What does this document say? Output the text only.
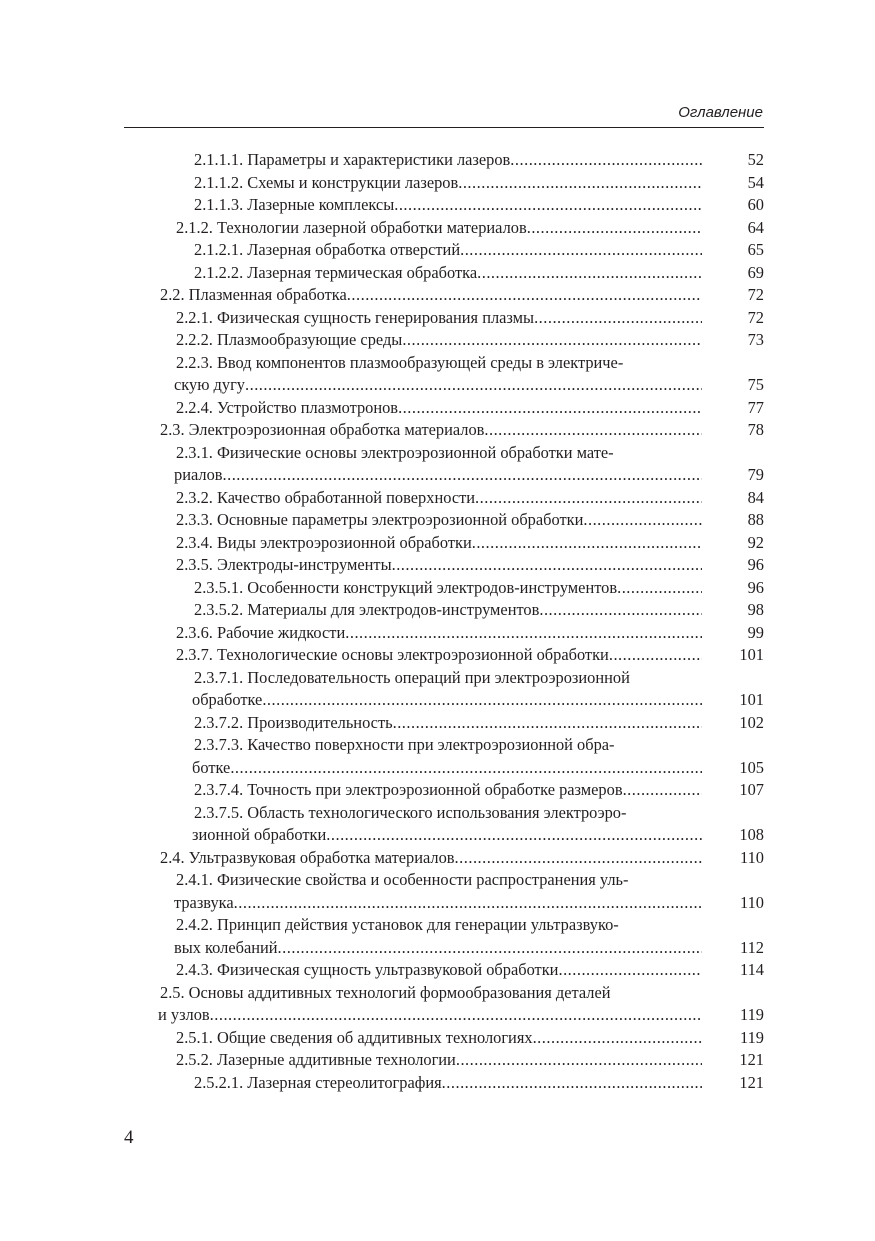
Оглавление
2.1.1.1. Параметры и характеристики лазеров .....	52
2.1.1.2. Схемы и конструкции лазеров .....	54
2.1.1.3. Лазерные комплексы .....	60
2.1.2. Технологии лазерной обработки материалов .....	64
2.1.2.1. Лазерная обработка отверстий .....	65
2.1.2.2. Лазерная термическая обработка .....	69
2.2. Плазменная обработка .....	72
2.2.1. Физическая сущность генерирования плазмы .....	72
2.2.2. Плазмообразующие среды .....	73
2.2.3. Ввод компонентов плазмообразующей среды в электриче-
скую дугу .....	75
2.2.4. Устройство плазмотронов .....	77
2.3. Электроэрозионная обработка материалов .....	78
2.3.1. Физические основы электроэрозионной обработки мате-
риалов .....	79
2.3.2. Качество обработанной поверхности .....	84
2.3.3. Основные параметры электроэрозионной обработки .....	88
2.3.4. Виды электроэрозионной обработки .....	92
2.3.5. Электроды-инструменты .....	96
2.3.5.1. Особенности конструкций электродов-инструментов .....	96
2.3.5.2. Материалы для электродов-инструментов .....	98
2.3.6. Рабочие жидкости .....	99
2.3.7. Технологические основы электроэрозионной обработки .....	101
2.3.7.1. Последовательность операций при электроэрозионной
обработке .....	101
2.3.7.2. Производительность .....	102
2.3.7.3. Качество поверхности при электроэрозионной обра-
ботке .....	105
2.3.7.4. Точность при электроэрозионной обработке размеров .....	107
2.3.7.5. Область технологического использования электроэро-
зионной обработки .....	108
2.4. Ультразвуковая обработка материалов .....	110
2.4.1. Физические свойства и особенности распространения уль-
тразвука .....	110
2.4.2. Принцип действия установок для генерации ультразвуко-
вых колебаний .....	112
2.4.3. Физическая сущность ультразвуковой обработки .....	114
2.5. Основы аддитивных технологий формообразования деталей
и узлов .....	119
2.5.1. Общие сведения об аддитивных технологиях .....	119
2.5.2. Лазерные аддитивные технологии .....	121
2.5.2.1. Лазерная стереолитография .....	121
4
